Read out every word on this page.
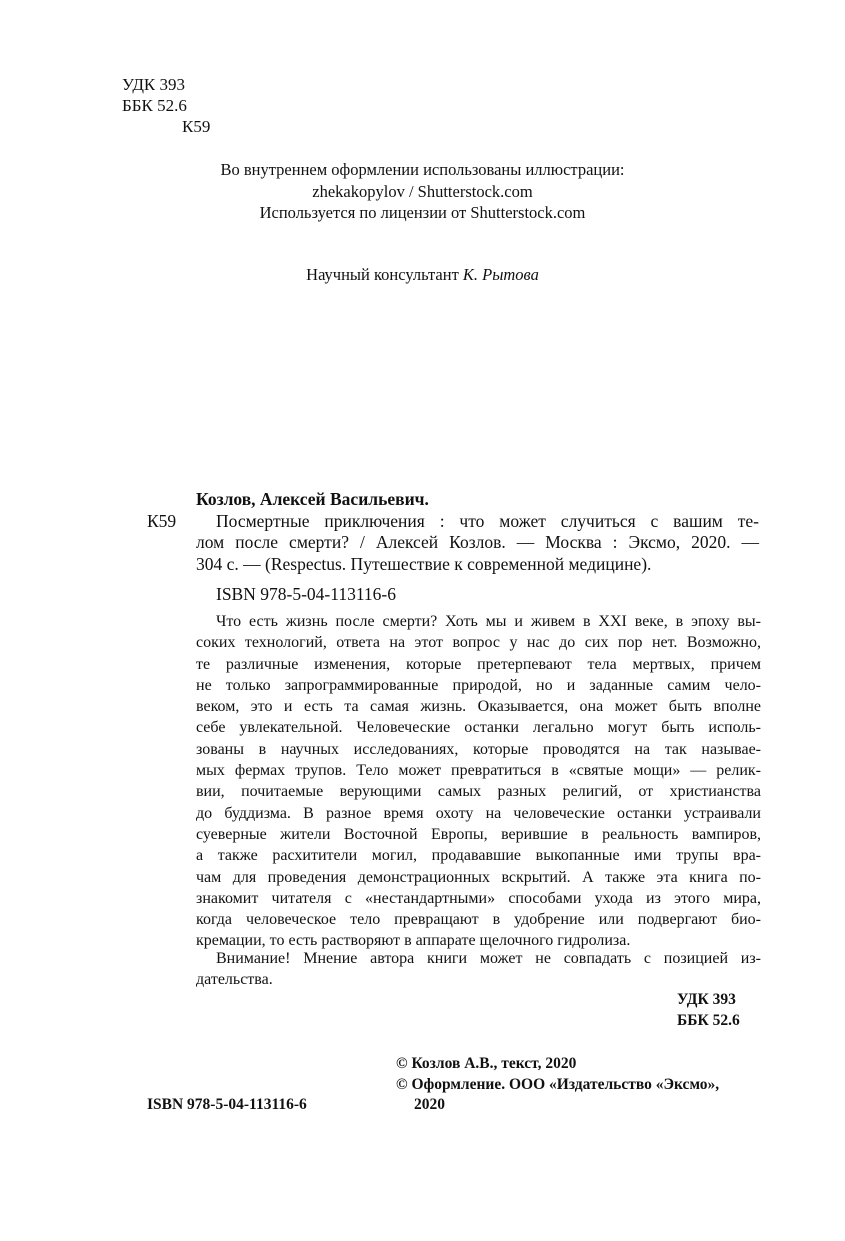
УДК 393
ББК 52.6
К59
Во внутреннем оформлении использованы иллюстрации:
zhekakopylov / Shutterstock.com
Используется по лицензии от Shutterstock.com
Научный консультант К. Рытова
Козлов, Алексей Васильевич.
К59	Посмертные приключения : что может случиться с вашим те-
лом после смерти? / Алексей Козлов. — Москва : Эксмо, 2020. —
304 с. — (Respectus. Путешествие к современной медицине).
ISBN 978-5-04-113116-6
Что есть жизнь после смерти? Хоть мы и живем в XXI веке, в эпоху вы-
соких технологий, ответа на этот вопрос у нас до сих пор нет. Возможно,
те различные изменения, которые претерпевают тела мертвых, причем
не только запрограммированные природой, но и заданные самим чело-
веком, это и есть та самая жизнь. Оказывается, она может быть вполне
себе увлекательной. Человеческие останки легально могут быть исполь-
зованы в научных исследованиях, которые проводятся на так называе-
мых фермах трупов. Тело может превратиться в «святые мощи» — релик-
вии, почитаемые верующими самых разных религий, от христианства
до буддизма. В разное время охоту на человеческие останки устраивали
суеверные жители Восточной Европы, верившие в реальность вампиров,
а также расхитители могил, продававшие выкопанные ими трупы вра-
чам для проведения демонстрационных вскрытий. А также эта книга по-
знакомит читателя с «нестандартными» способами ухода из этого мира,
когда человеческое тело превращают в удобрение или подвергают био-
кремации, то есть растворяют в аппарате щелочного гидролиза.
Внимание! Мнение автора книги может не совпадать с позицией из-
дательства.
УДК 393
ББК 52.6
ISBN 978-5-04-113116-6
© Козлов А.В., текст, 2020
© Оформление. ООО «Издательство «Эксмо»,
2020
